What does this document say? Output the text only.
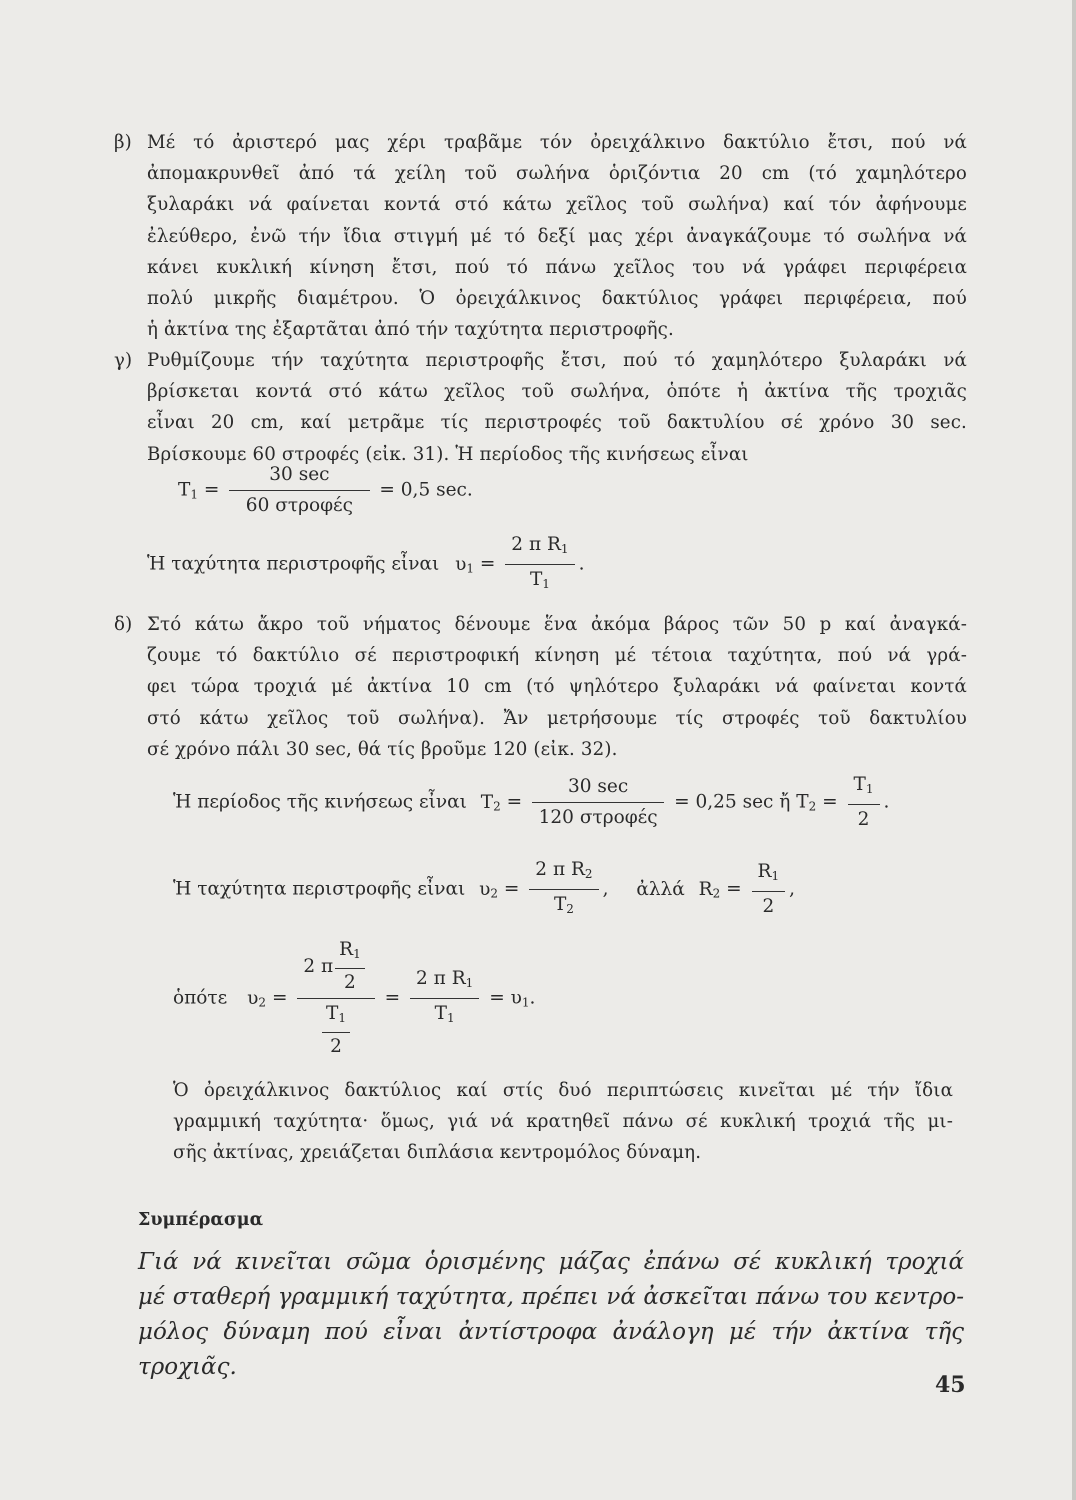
β) Μέ τό ἀριστερό μας χέρι τραβᾶμε τόν ὀρειχάλκινο δακτύλιο ἔτσι, πού νά
ἀπομακρυνθεῖ ἀπό τά χείλη τοῦ σωλήνα ὁριζόντια 20 cm (τό χαμηλότερο
ξυλαράκι νά φαίνεται κοντά στό κάτω χεῖλος τοῦ σωλήνα) καί τόν ἀφήνουμε
ἐλεύθερο, ἐνῶ τήν ἴδια στιγμή μέ τό δεξί μας χέρι ἀναγκάζουμε τό σωλήνα νά
κάνει κυκλική κίνηση ἔτσι, πού τό πάνω χεῖλος του νά γράφει περιφέρεια
πολύ μικρῆς διαμέτρου. Ὁ ὀρειχάλκινος δακτύλιος γράφει περιφέρεια, πού
ἡ ἀκτίνα της ἐξαρτᾶται ἀπό τήν ταχύτητα περιστροφῆς.
γ) Ρυθμίζουμε τήν ταχύτητα περιστροφῆς ἔτσι, πού τό χαμηλότερο ξυλαράκι νά
βρίσκεται κοντά στό κάτω χεῖλος τοῦ σωλήνα, ὁπότε ἡ ἀκτίνα τῆς τροχιᾶς
εἶναι 20 cm, καί μετρᾶμε τίς περιστροφές τοῦ δακτυλίου σέ χρόνο 30 sec.
Βρίσκουμε 60 στροφές (εἰκ. 31). Ἡ περίοδος τῆς κινήσεως εἶναι
$T_1 = \frac{30 \sec}{\text{60 στροφές}} = 0,5$ sec.
Ἡ ταχύτητα περιστροφῆς εἶναι $\upsilon_1 = \frac{2 \pi R_1}{T_1}$ .
δ) Στό κάτω ἄκρο τοῦ νήματος δένουμε ἕνα ἀκόμα βάρος τῶν 50 p καί ἀναγκά-
ζουμε τό δακτύλιο σέ περιστροφική κίνηση μέ τέτοια ταχύτητα, πού νά γρά-
φει τώρα τροχιά μέ ἀκτίνα 10 cm (τό ψηλότερο ξυλαράκι νά φαίνεται κοντά
στό κάτω χεῖλος τοῦ σωλήνα). Ἄν μετρήσουμε τίς στροφές τοῦ δακτυλίου
σέ χρόνο πάλι 30 sec, θά τίς βροῦμε 120 (εἰκ. 32).
Ἡ περίοδος τῆς κινήσεως εἶναι $T_2 = \frac{30 \sec}{\text{120 στροφές}} = 0,25$ sec ἤ $T_2 = \frac{T_1}{2}$ .
Ἡ ταχύτητα περιστροφῆς εἶναι $\upsilon_2 = \frac{2 \pi R_2}{T_2}$ , ἀλλά $R_2 = \frac{R_1}{2}$ ,
ὁπότε $\upsilon_2 = \frac{2 \pi \frac{R_1}{2}}{\frac{T_1}{2}} = \frac{2 \pi R_1}{T_1} = \upsilon_1$.
Ὁ ὀρειχάλκινος δακτύλιος καί στίς δυό περιπτώσεις κινεῖται μέ τήν ἴδια
γραμμική ταχύτητα· ὅμως, γιά νά κρατηθεῖ πάνω σέ κυκλική τροχιά τῆς μι-
σῆς ἀκτίνας, χρειάζεται διπλάσια κεντρομόλος δύναμη.
Συμπέρασμα
Γιά νά κινεῖται σῶμα ὁρισμένης μάζας ἐπάνω σέ κυκλική τροχιά
μέ σταθερή γραμμική ταχύτητα, πρέπει νά ἀσκεῖται πάνω του κεντρο-
μόλος δύναμη πού εἶναι ἀντίστροφα ἀνάλογη μέ τήν ἀκτίνα τῆς τροχιᾶς.
45
